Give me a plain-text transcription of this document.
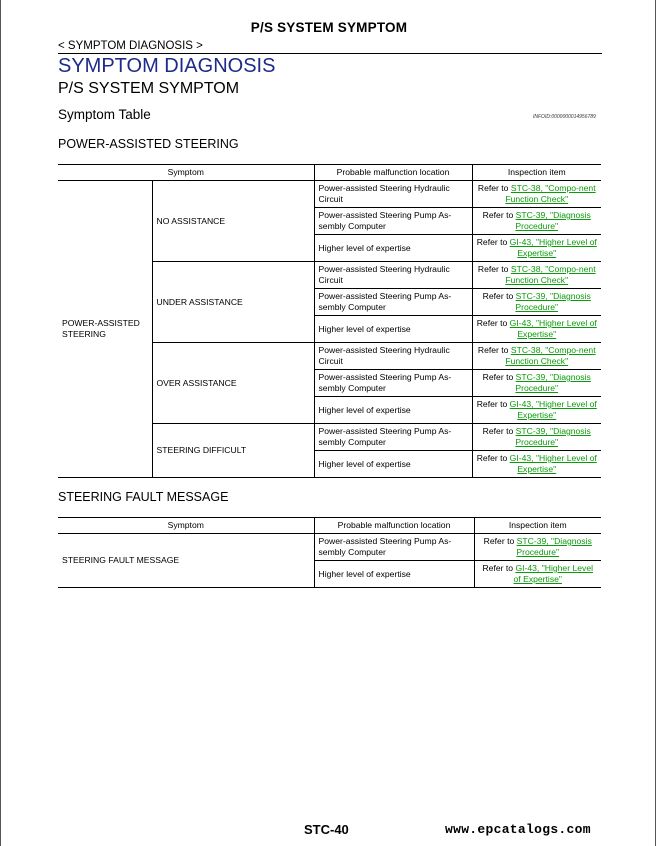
P/S SYSTEM SYMPTOM
< SYMPTOM DIAGNOSIS >
SYMPTOM DIAGNOSIS
P/S SYSTEM SYMPTOM
Symptom Table	INFOID:0000000014956789
POWER-ASSISTED STEERING
Symptom		Probable malfunction location	Inspection item
POWER-ASSISTED STEERING	NO ASSISTANCE	Power-assisted Steering Hydraulic Circuit	Refer to STC-38, "Compo-nent Function Check"
		Power-assisted Steering Pump As-sembly Computer	Refer to STC-39, "Diagnosis Procedure"
		Higher level of expertise	Refer to GI-43, "Higher Level of Expertise"
	UNDER ASSISTANCE	Power-assisted Steering Hydraulic Circuit	Refer to STC-38, "Compo-nent Function Check"
		Power-assisted Steering Pump As-sembly Computer	Refer to STC-39, "Diagnosis Procedure"
		Higher level of expertise	Refer to GI-43, "Higher Level of Expertise"
	OVER ASSISTANCE	Power-assisted Steering Hydraulic Circuit	Refer to STC-38, "Compo-nent Function Check"
		Power-assisted Steering Pump As-sembly Computer	Refer to STC-39, "Diagnosis Procedure"
		Higher level of expertise	Refer to GI-43, "Higher Level of Expertise"
	STEERING DIFFICULT	Power-assisted Steering Pump As-sembly Computer	Refer to STC-39, "Diagnosis Procedure"
		Higher level of expertise	Refer to GI-43, "Higher Level of Expertise"
STEERING FAULT MESSAGE
Symptom	Probable malfunction location	Inspection item
STEERING FAULT MESSAGE	Power-assisted Steering Pump As-sembly Computer	Refer to STC-39, "Diagnosis Procedure"
	Higher level of expertise	Refer to GI-43, "Higher Level of Expertise"
STC-40	www.epcatalogs.com
